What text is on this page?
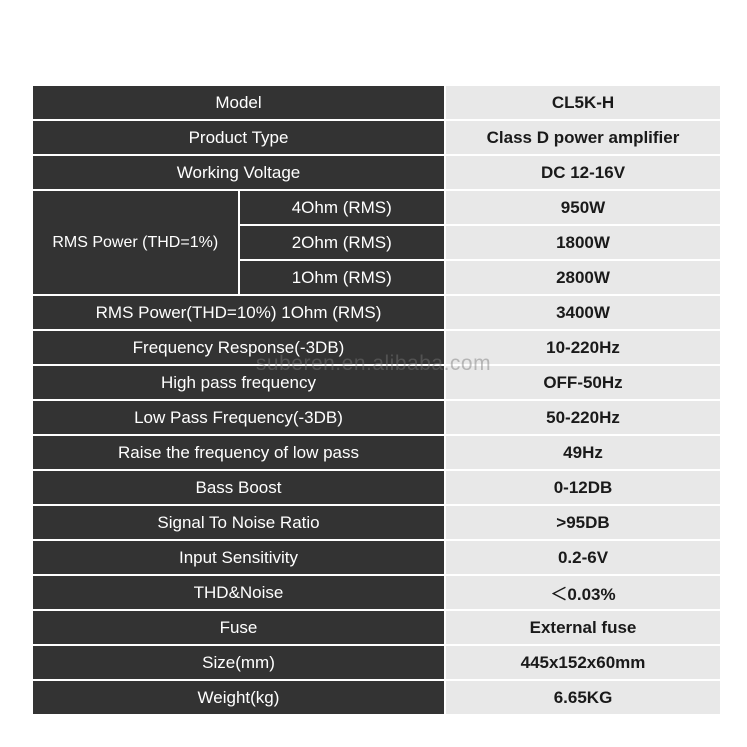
Model		CL5K-H

Product Type		Class D power amplifier

Working Voltage		DC 12-16V

RMS Power (THD=1%)	4Ohm (RMS)	950W

	2Ohm (RMS)	1800W

	1Ohm (RMS)	2800W

RMS Power(THD=10%) 1Ohm (RMS)		3400W

Frequency Response(-3DB)		10-220Hz

High pass frequency		OFF-50Hz

Low Pass Frequency(-3DB)		50-220Hz

Raise the frequency of low pass		49Hz

Bass Boost		0-12DB

Signal To Noise Ratio		>95DB

Input Sensitivity		0.2-6V

THD&Noise		＜0.03%

Fuse		External fuse

Size(mm)		445x152x60mm

Weight(kg)		6.65KG
suberen.en.alibaba.com
